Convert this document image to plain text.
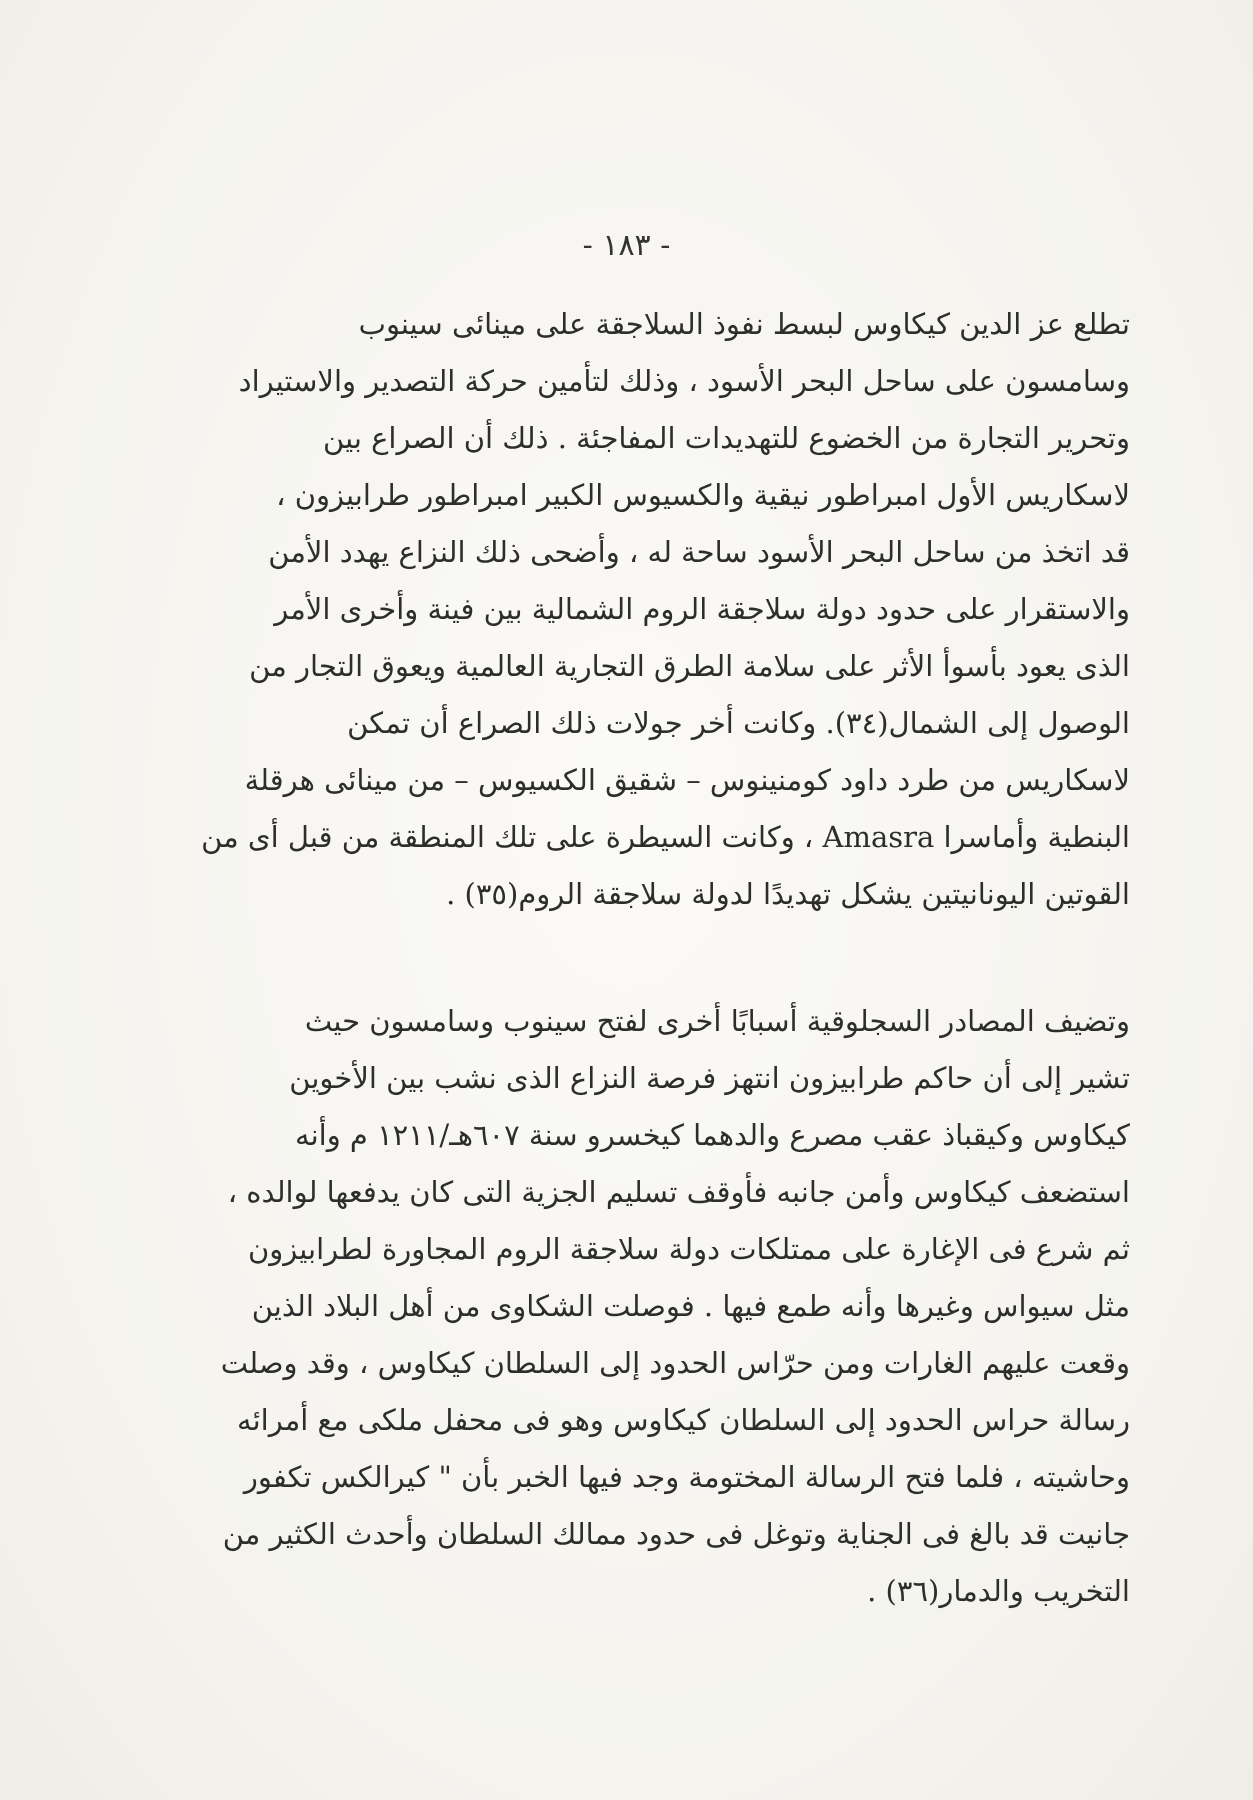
- ١٨٣ -
تطلع عز الدين كيكاوس لبسط نفوذ السلاجقة على مينائى سينوب
وسامسون على ساحل البحر الأسود ، وذلك لتأمين حركة التصدير والاستيراد
وتحرير التجارة من الخضوع للتهديدات المفاجئة . ذلك أن الصراع بين
لاسكاريس الأول امبراطور نيقية والكسيوس الكبير امبراطور طرابيزون ،
قد اتخذ من ساحل البحر الأسود ساحة له ، وأضحى ذلك النزاع يهدد الأمن
والاستقرار على حدود دولة سلاجقة الروم الشمالية بين فينة وأخرى الأمر
الذى يعود بأسوأ الأثر على سلامة الطرق التجارية العالمية ويعوق التجار من
الوصول إلى الشمال(٣٤). وكانت أخر جولات ذلك الصراع أن تمكن
لاسكاريس من طرد داود كومنينوس – شقيق الكسيوس – من مينائى هرقلة
البنطية وأماسرا Amasra ، وكانت السيطرة على تلك المنطقة من قبل أى من
القوتين اليونانيتين يشكل تهديدًا لدولة سلاجقة الروم(٣٥) .
وتضيف المصادر السجلوقية أسبابًا أخرى لفتح سينوب وسامسون حيث
تشير إلى أن حاكم طرابيزون انتهز فرصة النزاع الذى نشب بين الأخوين
كيكاوس وكيقباذ عقب مصرع والدهما كيخسرو سنة ٦٠٧هـ/١٢١١ م وأنه
استضعف كيكاوس وأمن جانبه فأوقف تسليم الجزية التى كان يدفعها لوالده ،
ثم شرع فى الإغارة على ممتلكات دولة سلاجقة الروم المجاورة لطرابيزون
مثل سيواس وغيرها وأنه طمع فيها . فوصلت الشكاوى من أهل البلاد الذين
وقعت عليهم الغارات ومن حرّاس الحدود إلى السلطان كيكاوس ، وقد وصلت
رسالة حراس الحدود إلى السلطان كيكاوس وهو فى محفل ملكى مع أمرائه
وحاشيته ، فلما فتح الرسالة المختومة وجد فيها الخبر بأن " كيرالكس تكفور
جانيت قد بالغ فى الجناية وتوغل فى حدود ممالك السلطان وأحدث الكثير من
التخريب والدمار(٣٦) .
